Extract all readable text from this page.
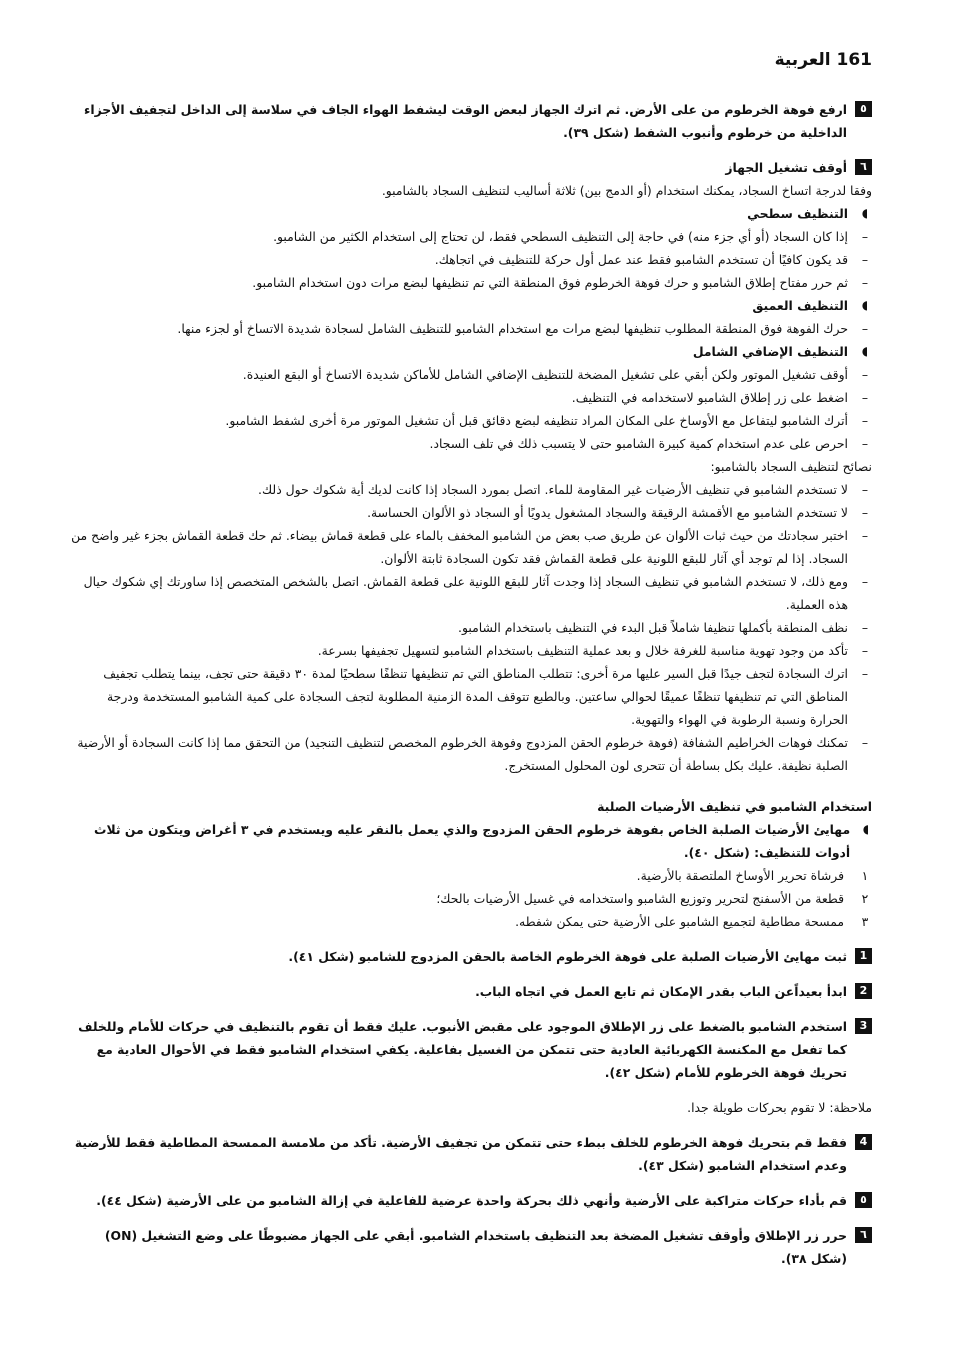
161 العربية
٥
ارفع فوهة الخرطوم من على الأرض. ثم اترك الجهاز لبعض الوقت ليشفط الهواء الجاف في سلاسة إلى الداخل لتجفيف الأجزاء الداخلية من خرطوم وأنبوب الشفط (شكل ٣٩).
٦
أوقف تشغيل الجهاز

وفقا لدرجة اتساخ السجاد، يمكنك استخدام (أو الدمج بين) ثلاثة أساليب لتنظيف السجاد بالشامبو.

◖
التنظيف سطحي
–
إذا كان السجاد (أو أي جزء منه) في حاجة إلى التنظيف السطحي فقط، لن تحتاج إلى استخدام الكثير من الشامبو.
–
قد يكون كافيًا أن تستخدم الشامبو فقط عند عمل أول حركة للتنظيف في اتجاهك.
–
ثم حرر مفتاح إطلاق الشامبو و حرك فوهة الخرطوم فوق المنطقة التي تم تنظيفها لبضع مرات دون استخدام الشامبو.
◖
التنظيف العميق
–
حرك الفوهة فوق المنطقة المطلوب تنظيفها لبضع مرات مع استخدام الشامبو للتنظيف الشامل لسجادة شديدة الاتساخ أو لجزء منها.
◖
التنظيف الإضافي الشامل
–
أوقف تشغيل الموتور ولكن أبقي على تشغيل المضخة للتنظيف الإضافي الشامل للأماكن شديدة الاتساخ أو البقع العنيدة.
–
اضغط على زر إطلاق الشامبو لاستخدامه في التنظيف.
–
أترك الشامبو ليتفاعل مع الأوساخ على المكان المراد تنظيفه لبضع دقائق قبل أن تشغيل الموتور مرة أخرى لشفط الشامبو.
–
احرص على عدم استخدام كمية كبيرة الشامبو حتى لا يتسبب ذلك في تلف السجاد.

نصائح لتنظيف السجاد بالشامبو:

–
لا تستخدم الشامبو في تنظيف الأرضيات غير المقاومة للماء. اتصل بمورد السجاد إذا كانت لديك أية شكوك حول ذلك.
–
لا تستخدم الشامبو مع الأقمشة الرقيقة والسجاد المشغول يدويًا أو السجاد ذو الألوان الحساسة.
–
اختبر سجادتك من حيث ثبات الألوان عن طريق صب بعض من الشامبو المخفف بالماء على قطعة قماش بيضاء. ثم حك قطعة القماش بجزء غير واضح من السجاد. إذا لم توجد أي آثار للبقع اللونية على قطعة القماش فقد تكون السجادة ثابتة الألوان.
–
ومع ذلك، لا تستخدم الشامبو في تنظيف السجاد إذا وجدت آثار للبقع اللونية على قطعة القماش. اتصل بالشخص المتخصص إذا ساورتك إي شكوك حيال هذه العملية.
–
نظف المنطقة بأكملها تنظيفا شاملاً قبل البدء في التنظيف باستخدام الشامبو.
–
تأكد من وجود تهوية مناسبة للغرفة خلال و بعد عملية التنظيف باستخدام الشامبو لتسهيل تجفيفها بسرعة.
–
اترك السجادة لتجف جيدًا قبل السير عليها مرة أخرى: تتطلب المناطق التي تم تنظيفها تنظفًا سطحيًا لمدة ٣٠ دقيقة حتى تجف، بينما يتطلب تجفيف المناطق التي تم تنظيفها تنظفًا عميقًا لحوالي ساعتين. وبالطبع تتوقف المدة الزمنية المطلوبة لتجف السجادة على كمية الشامبو المستخدمة ودرجة الحرارة ونسبة الرطوبة في الهواء والتهوية.
–
تمكنك فوهات الخراطيم الشفافة (فوهة خرطوم الحقن المزدوج وفوهة الخرطوم المخصص لتنظيف التنجيد) من التحقق مما إذا كانت السجادة أو الأرضية الصلبة نظيفة. عليك بكل بساطة أن تتحرى لون المحلول المستخرج.

استخدام الشامبو في تنظيف الأرضيات الصلبة

◖
مهايئ الأرضيات الصلبة الخاص بفوهة خرطوم الحقن المزدوج والذي يعمل بالنقر عليه ويستخدم في ٣ أغراض ويتكون من ثلاث أدوات للتنظيف: (شكل ٤٠).
١
فرشاة تحرير الأوساخ الملتصقة بالأرضية.
٢
قطعة من الأسفنج لتحرير وتوزيع الشامبو واستخدامه في غسيل الأرضيات بالحك؛
٣
ممسحة مطاطية لتجميع الشامبو على الأرضية حتى يمكن شفطه.
1
ثبت مهايئ الأرضيات الصلبة على فوهة الخرطوم الخاصة بالحقن المزدوج للشامبو (شكل ٤١).
2
ابدأ بعيداًعن الباب بقدر الإمكان ثم تابع العمل في اتجاه الباب.
3
استخدم الشامبو بالضغط على زر الإطلاق الموجود على مقبض الأنبوب. عليك فقط أن تقوم بالتنظيف في حركات للأمام وللخلف كما تفعل مع المكنسة الكهربائية العادية حتى تتمكن من الغسيل بفاعلية. يكفي استخدام الشامبو فقط في الأحوال العادية مع تحريك فوهة الخرطوم للأمام (شكل ٤٢).

ملاحظة: لا تقوم بحركات طويلة جدا.

4
فقط قم بتحريك فوهة الخرطوم للخلف ببطء حتى تتمكن من تجفيف الأرضية. تأكد من ملامسة الممسحة المطاطية فقط للأرضية وعدم استخدام الشامبو (شكل ٤٣).
٥
قم بأداء حركات متراكبة على الأرضية وأنهي ذلك بحركة واحدة عرضية للفاعلية في إزالة الشامبو من على الأرضية (شكل ٤٤).
٦
حرر زر الإطلاق وأوقف تشغيل المضخة بعد التنظيف باستخدام الشامبو. أبقي على الجهاز مضبوطًا على وضع التشغيل (ON) (شكل ٣٨).
